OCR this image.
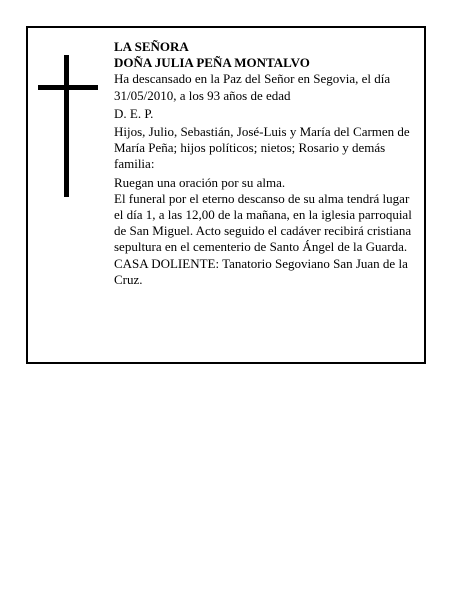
LA SEÑORA

DOÑA JULIA PEÑA MONTALVO

Ha descansado en la Paz del Señor en Segovia, el día 31/05/2010, a los 93 años de edad

D. E. P.

Hijos, Julio, Sebastián, José-Luis y María del Carmen de María Peña; hijos políticos; nietos; Rosario y demás familia:

Ruegan una oración por su alma.

El funeral por el eterno descanso de su alma tendrá lugar el día 1, a las 12,00 de la mañana, en la iglesia parroquial de San Miguel. Acto seguido el cadáver recibirá cristiana sepultura en el cementerio de Santo Ángel de la Guarda.

CASA DOLIENTE: Tanatorio Segoviano San Juan de la Cruz.
